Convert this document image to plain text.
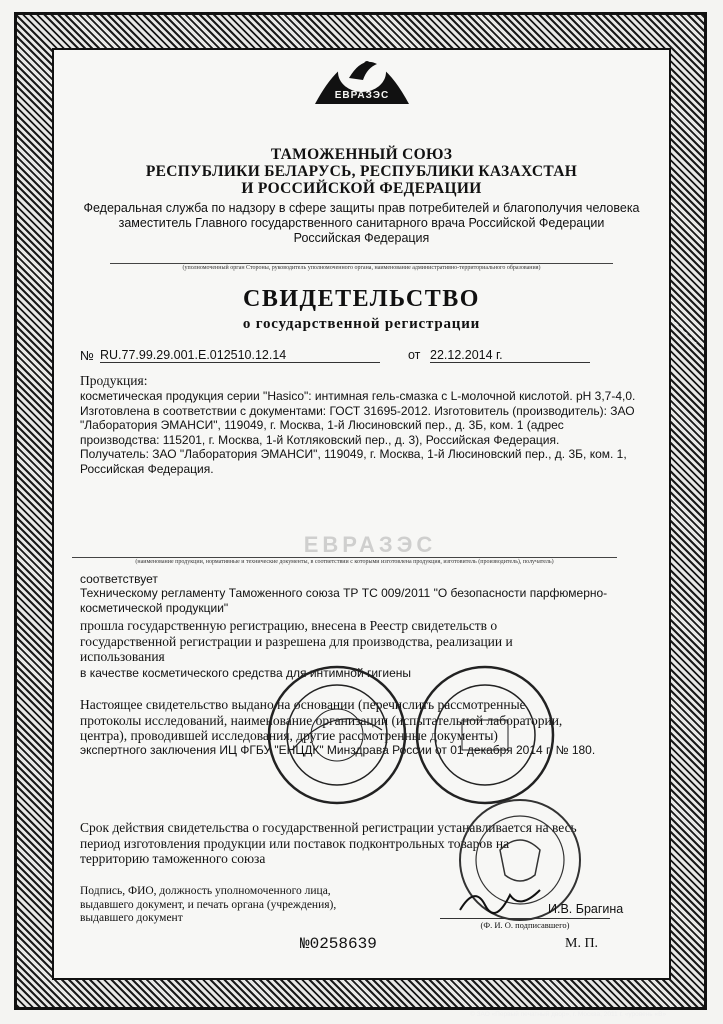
ЕВРАЗЭС
ТАМОЖЕННЫЙ СОЮЗ
РЕСПУБЛИКИ БЕЛАРУСЬ, РЕСПУБЛИКИ КАЗАХСТАН
И РОССИЙСКОЙ ФЕДЕРАЦИИ
Федеральная служба по надзору в сфере защиты прав потребителей и благополучия человека
заместитель Главного государственного санитарного врача Российской Федерации
Российская Федерация
(уполномоченный орган Стороны, руководитель уполномоченного органа, наименование административно-территориального образования)
СВИДЕТЕЛЬСТВО
о государственной регистрации
№ RU.77.99.29.001.E.012510.12.14	от 22.12.2014 г.
Продукция:
косметическая продукция серии "Hasico": интимная гель-смазка с L-молочной кислотой. pH 3,7-4,0.
Изготовлена в соответствии с документами: ГОСТ 31695-2012. Изготовитель (производитель): ЗАО
"Лаборатория ЭМАНСИ", 119049, г. Москва, 1-й Люсиновский пер., д. 3Б, ком. 1 (адрес
производства: 115201, г. Москва, 1-й Котляковский пер., д. 3), Российская Федерация.
Получатель: ЗАО "Лаборатория ЭМАНСИ", 119049, г. Москва, 1-й Люсиновский пер., д. 3Б, ком. 1,
Российская Федерация.
ЕВРАЗЭС
(наименование продукции, нормативные и технические документы, в соответствии с которыми изготовлена продукция, изготовитель (производитель), получатель)
соответствует
Техническому регламенту Таможенного союза ТР ТС 009/2011 "О безопасности парфюмерно-
косметической продукции"
прошла государственную регистрацию, внесена в Реестр свидетельств о
государственной регистрации и разрешена для производства, реализации и
использования
в качестве косметического средства для интимной гигиены
Настоящее свидетельство выдано на основании (перечислить рассмотренные
протоколы исследований, наименование организации (испытательной лаборатории,
центра), проводившей исследования, другие рассмотренные документы)
экспертного заключения ИЦ ФГБУ "ЕНЦДК" Минздрава России от 01 декабря 2014 г. № 180.
Срок действия свидетельства о государственной регистрации устанавливается на весь
период изготовления продукции или поставок подконтрольных товаров на
территорию таможенного союза
Подпись, ФИО, должность уполномоченного лица,
выдавшего документ, и печать органа (учреждения),
выдавшего документ
И.В. Брагина
(Ф. И. О. подписавшего)
№0258639	М. П.
© ЗАО «Первый печатный двор», г. Москва, 2011 г. «уровень «В»
